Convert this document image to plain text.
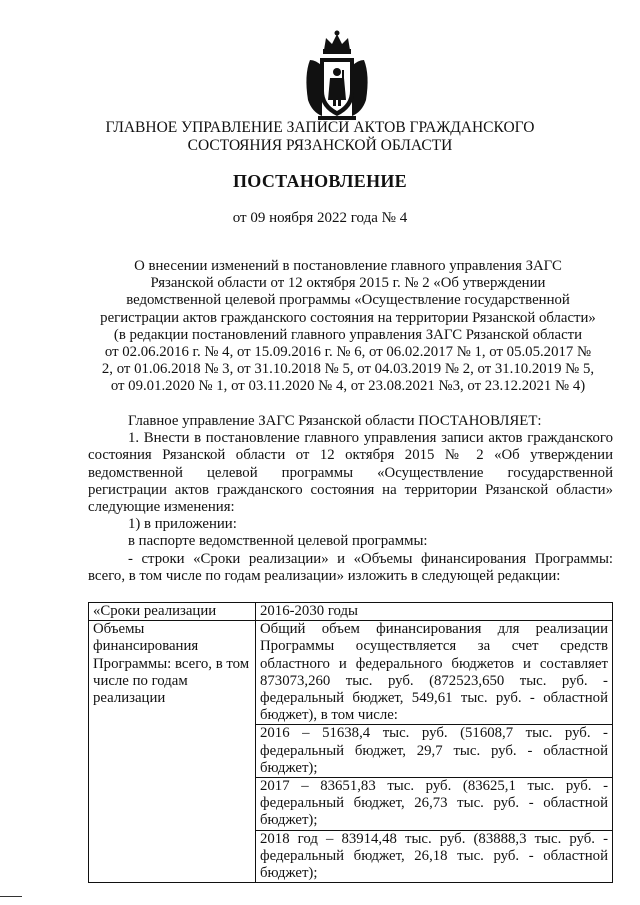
ГЛАВНОЕ УПРАВЛЕНИЕ ЗАПИСИ АКТОВ ГРАЖДАНСКОГО
СОСТОЯНИЯ РЯЗАНСКОЙ ОБЛАСТИ
ПОСТАНОВЛЕНИЕ
от 09 ноября 2022 года № 4
О внесении изменений в постановление главного управления ЗАГС
Рязанской области от 12 октября 2015 г. № 2 «Об утверждении
ведомственной целевой программы «Осуществление государственной
регистрации актов гражданского состояния на территории Рязанской области»
(в редакции постановлений главного управления ЗАГС Рязанской области
от 02.06.2016 г. № 4, от 15.09.2016 г. № 6, от 06.02.2017 № 1, от 05.05.2017 №
2, от 01.06.2018 № 3, от 31.10.2018 № 5, от 04.03.2019 № 2, от 31.10.2019 № 5,
от 09.01.2020 № 1, от 03.11.2020 № 4, от 23.08.2021 №3, от 23.12.2021 № 4)

Главное управление ЗАГС Рязанской области ПОСТАНОВЛЯЕТ:

1. Внести в постановление главного управления записи актов гражданского состояния Рязанской области от 12 октября 2015 № 2 «Об утверждении ведомственной целевой программы «Осуществление государственной регистрации актов гражданского состояния на территории Рязанской области» следующие изменения:

1) в приложении:

в паспорте ведомственной целевой программы:

- строки «Сроки реализации» и «Объемы финансирования Программы: всего, в том числе по годам реализации» изложить в следующей редакции:

«Сроки реализации	2016-2030 годы
Объемы финансирования Программы: всего, в том числе по годам реализации	Общий объем финансирования для реализации Программы осуществляется за счет средств областного и федерального бюджетов и составляет 873073,260 тыс. руб. (872523,650 тыс. руб. - федеральный бюджет, 549,61 тыс. руб. - областной бюджет), в том числе:

2016 – 51638,4 тыс. руб. (51608,7 тыс. руб. - федеральный бюджет, 29,7 тыс. руб. - областной бюджет);
2017 – 83651,83 тыс. руб. (83625,1 тыс. руб. - федеральный бюджет, 26,73 тыс. руб. - областной бюджет);
2018 год – 83914,48 тыс. руб. (83888,3 тыс. руб. - федеральный бюджет, 26,18 тыс. руб. - областной бюджет);
